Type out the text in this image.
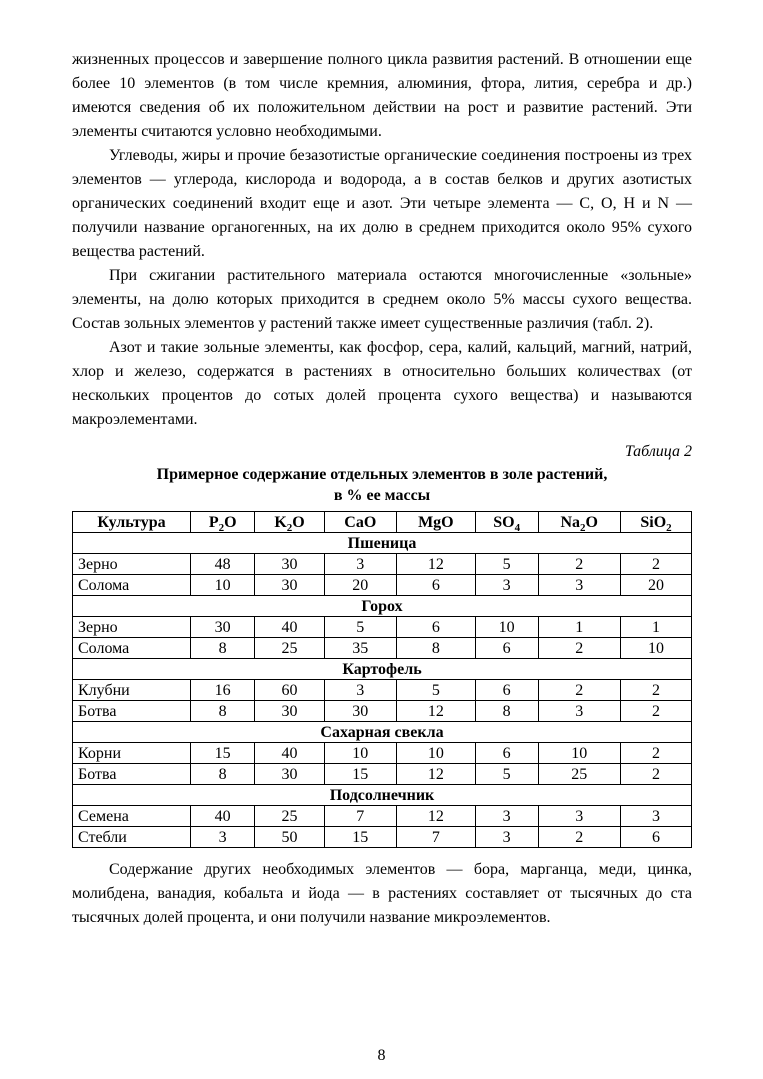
жизненных процессов и завершение полного цикла развития растений. В отношении еще более 10 элементов (в том числе кремния, алюминия, фтора, лития, серебра и др.) имеются сведения об их положительном действии на рост и развитие растений. Эти элементы считаются условно необходимыми.

Углеводы, жиры и прочие безазотистые органические соединения построены из трех элементов — углерода, кислорода и водорода, а в состав белков и других азотистых органических соединений входит еще и азот. Эти четыре элемента — C, O, H и N — получили название органогенных, на их долю в среднем приходится около 95% сухого вещества растений.

При сжигании растительного материала остаются многочисленные «зольные» элементы, на долю которых приходится в среднем около 5% массы сухого вещества. Состав зольных элементов у растений также имеет существенные различия (табл. 2).

Азот и такие зольные элементы, как фосфор, сера, калий, кальций, магний, натрий, хлор и железо, содержатся в растениях в относительно больших количествах (от нескольких процентов до сотых долей процента сухого вещества) и называются макроэлементами.

Таблица 2
Примерное содержание отдельных элементов в золе растений,
в % ее массы
Культура	$P_2O$	$K_2O$	CaO	MgO	$SO_4$	$Na_2O$	SiO$_2$
Пшеница							
Зерно	48	30	3	12	5	2	2
Солома	10	30	20	6	3	3	20
Горох							
Зерно	30	40	5	6	10	1	1
Солома	8	25	35	8	6	2	10
Картофель							
Клубни	16	60	3	5	6	2	2
Ботва	8	30	30	12	8	3	2
Сахарная свекла							
Корни	15	40	10	10	6	10	2
Ботва	8	30	15	12	5	25	2
Подсолнечник							
Семена	40	25	7	12	3	3	3
Стебли	3	50	15	7	3	2	6

Содержание других необходимых элементов — бора, марганца, меди, цинка, молибдена, ванадия, кобальта и йода — в растениях составляет от тысячных до ста тысячных долей процента, и они получили название микроэлементов.

8
